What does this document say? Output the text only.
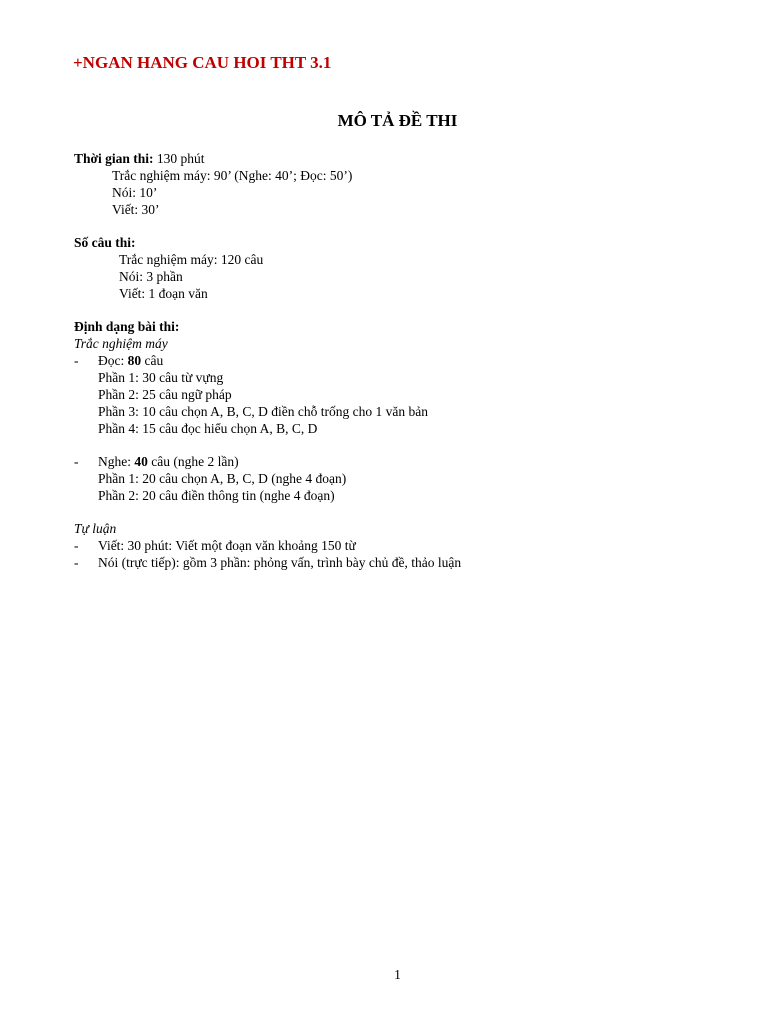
+NGAN HANG CAU HOI THT 3.1
MÔ TẢ ĐỀ THI
Thời gian thi: 130 phút
Trắc nghiệm máy: 90’ (Nghe: 40’; Đọc: 50’)
Nói: 10’
Viết: 30’
Số câu thi:
Trắc nghiệm máy: 120 câu
Nói: 3 phần
Viết: 1 đoạn văn
Định dạng bài thi:
Trắc nghiệm máy
- Đọc: 80 câu
Phần 1: 30 câu từ vựng
Phần 2: 25 câu ngữ pháp
Phần 3: 10 câu chọn A, B, C, D điền chỗ trống cho 1 văn bản
Phần 4: 15 câu đọc hiểu chọn A, B, C, D
- Nghe: 40 câu (nghe 2 lần)
Phần 1: 20 câu chọn A, B, C, D (nghe 4 đoạn)
Phần 2: 20 câu điền thông tin (nghe 4 đoạn)
Tự luận
- Viết: 30 phút: Viết một đoạn văn khoảng 150 từ
- Nói (trực tiếp): gồm 3 phần: phỏng vấn, trình bày chủ đề, thảo luận
1
